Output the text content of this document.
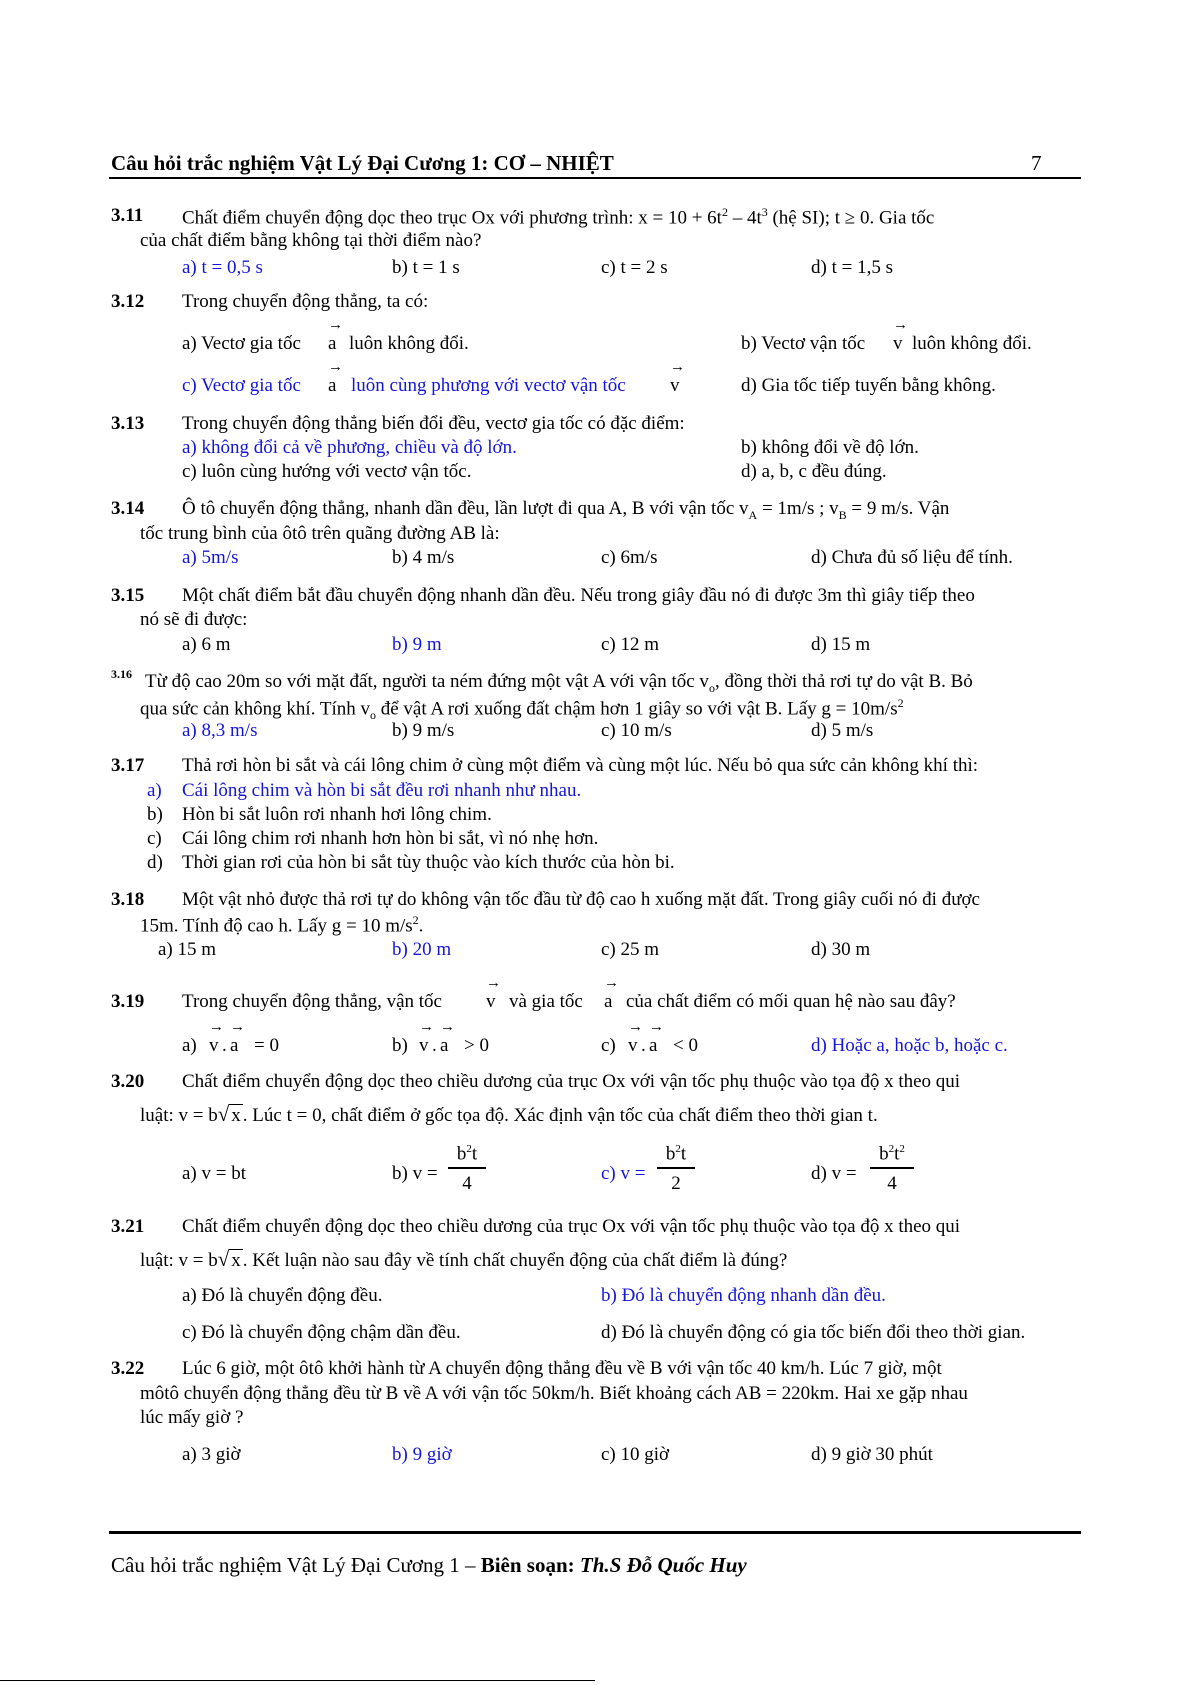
Câu hỏi trắc nghiệm Vật Lý Đại Cương 1: CƠ – NHIỆT	7
3.11 Chất điểm chuyển động dọc theo trục Ox với phương trình: $x = 10 + 6t^2 - 4t^3$ (hệ SI); t ≥ 0. Gia tốc
của chất điểm bằng không tại thời điểm nào?
a) t = 0,5 s	b) t = 1 s	c) t = 2 s	d) t = 1,5 s
3.12 Trong chuyển động thẳng, ta có:
a) Vectơ gia tốc
→
a luôn không đổi.	b) Vectơ vận tốc
→
v luôn không đổi.
c) Vectơ gia tốc
→
a luôn cùng phương với vectơ vận tốc
→
v	d) Gia tốc tiếp tuyến bằng không.
3.13 Trong chuyển động thẳng biến đổi đều, vectơ gia tốc có đặc điểm:
a) không đổi cả về phương, chiều và độ lớn.	b) không đổi về độ lớn.
c) luôn cùng hướng với vectơ vận tốc.	d) a, b, c đều đúng.
3.14 Ô tô chuyển động thẳng, nhanh dần đều, lần lượt đi qua A, B với vận tốc $v_A = 1m/s$ ; $v_B = 9$ m/s. Vận
tốc trung bình của ôtô trên quãng đường AB là:
a) 5m/s	b) 4 m/s	c) 6m/s	d) Chưa đủ số liệu để tính.
3.15 Một chất điểm bắt đầu chuyển động nhanh dần đều. Nếu trong giây đầu nó đi được 3m thì giây tiếp theo
nó sẽ đi được:
a) 6 m	b) 9 m	c) 12 m	d) 15 m
3.16 Từ độ cao 20m so với mặt đất, người ta ném đứng một vật A với vận tốc $v_o$, đồng thời thả rơi tự do vật B. Bỏ
qua sức cản không khí. Tính $v_o$ để vật A rơi xuống đất chậm hơn 1 giây so với vật B. Lấy $g = 10m/s^2$
a) 8,3 m/s	b) 9 m/s	c) 10 m/s	d) 5 m/s
3.17 Thả rơi hòn bi sắt và cái lông chim ở cùng một điểm và cùng một lúc. Nếu bỏ qua sức cản không khí thì:
a) Cái lông chim và hòn bi sắt đều rơi nhanh như nhau.
b) Hòn bi sắt luôn rơi nhanh hơi lông chim.
c) Cái lông chim rơi nhanh hơn hòn bi sắt, vì nó nhẹ hơn.
d) Thời gian rơi của hòn bi sắt tùy thuộc vào kích thước của hòn bi.
3.18 Một vật nhỏ được thả rơi tự do không vận tốc đầu từ độ cao h xuống mặt đất. Trong giây cuối nó đi được
15m. Tính độ cao h. Lấy g = 10 $m/s^2$.
a) 15 m	b) 20 m	c) 25 m	d) 30 m
3.19 Trong chuyển động thẳng, vận tốc
→
v và gia tốc
→
a của chất điểm có mối quan hệ nào sau đây?
a)
→
v .
→
a = 0	b)
→
v .
→
a > 0	c)
→
v .
→
a < 0	d) Hoặc a, hoặc b, hoặc c.
3.20 Chất điểm chuyển động dọc theo chiều dương của trục Ox với vận tốc phụ thuộc vào tọa độ x theo qui
luật: v = b√ x . Lúc t = 0, chất điểm ở gốc tọa độ. Xác định vận tốc của chất điểm theo thời gian t.
a) v = bt	b) v =
$b^2t$
4	c) v =
$b^2t$
2	d) v =
$b^2t^2$
4
3.21 Chất điểm chuyển động dọc theo chiều dương của trục Ox với vận tốc phụ thuộc vào tọa độ x theo qui
luật: v = b√ x . Kết luận nào sau đây về tính chất chuyển động của chất điểm là đúng?
a) Đó là chuyển động đều.	b) Đó là chuyển động nhanh dần đều.
c) Đó là chuyển động chậm dần đều.	d) Đó là chuyển động có gia tốc biến đổi theo thời gian.
3.22 Lúc 6 giờ, một ôtô khởi hành từ A chuyển động thẳng đều về B với vận tốc 40 km/h. Lúc 7 giờ, một
môtô chuyển động thẳng đều từ B về A với vận tốc 50km/h. Biết khoảng cách AB = 220km. Hai xe gặp nhau
lúc mấy giờ ?
a) 3 giờ	b) 9 giờ	c) 10 giờ	d) 9 giờ 30 phút
Câu hỏi trắc nghiệm Vật Lý Đại Cương 1 – Biên soạn: Th.S Đỗ Quốc Huy
